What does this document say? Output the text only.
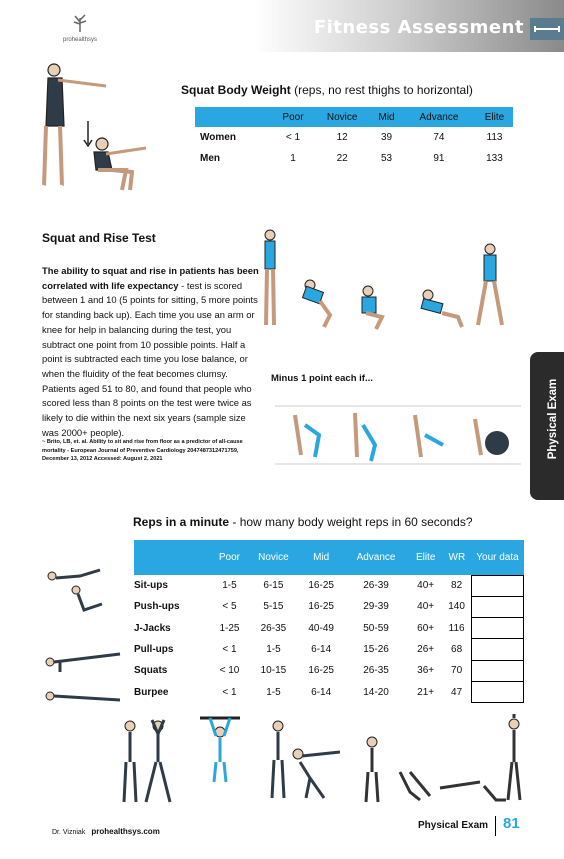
prohealthsys
Fitness Assessment
Squat Body Weight (reps, no rest thighs to horizontal)
	Poor	Novice	Mid	Advance	Elite
Women	< 1	12	39	74	113
Men	1	22	53	91	133
Squat and Rise Test
The ability to squat and rise in patients has been correlated with life expectancy - test is scored between 1 and 10 (5 points for sitting, 5 more points for standing back up). Each time you use an arm or knee for help in balancing during the test, you subtract one point from 10 possible points. Half a point is subtracted each time you lose balance, or when the fluidity of the feat becomes clumsy. Patients aged 51 to 80, and found that people who scored less than 8 points on the test were twice as likely to die within the next six years (sample size was 2000+ people).
~ Brito, LB, et. al. Ability to sit and rise from floor as a predictor of all-cause mortality - European Journal of Preventive Cardiology 2047487312471759, December 13, 2012 Accessed: August 2, 2021
Minus 1 point each if...
Physical Exam
Reps in a minute - how many body weight reps in 60 seconds?
	Poor	Novice	Mid	Advance	Elite	WR	Your data
Sit-ups	1-5	6-15	16-25	26-39	40+	82	
Push-ups	< 5	5-15	16-25	29-39	40+	140	
J-Jacks	1-25	26-35	40-49	50-59	60+	116	
Pull-ups	< 1	1-5	6-14	15-26	26+	68	
Squats	< 10	10-15	16-25	26-35	36+	70	
Burpee	< 1	1-5	6-14	14-20	21+	47	
Dr. Vizniak prohealthsys.com
Physical Exam 81
